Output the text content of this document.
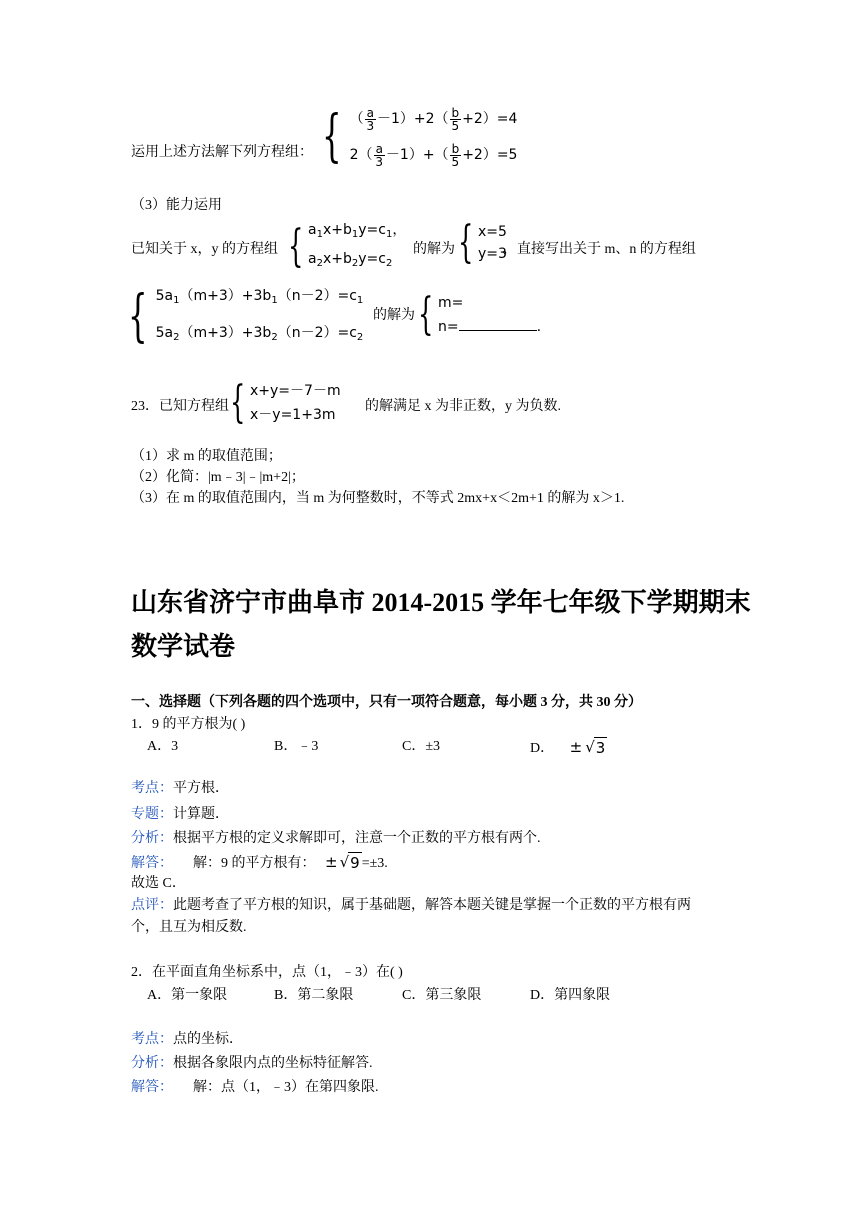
运用上述方法解下列方程组： { （ $\frac{a}{3} -1)+2( \frac{b}{5} +2)=4$
$2( \frac{a}{3} -1)+( \frac{b}{5} +2)=5$
（3）能力运用
已知关于 x，y 的方程组 { $a_1x+b_1y=c_1$，
$a_2x+b_2y=c_2$
的解为 { x=5
y=3
，直接写出关于 m、n 的方程组
{ $5a_1(m+3)+3b_1(n-2)=c_1$
$5a_2(m+3)+3b_2(n-2)=c_2$
的解为 { m=
n=	.
23．已知方程组 { x+y=－7－m
x－y=1+3m
的解满足 x 为非正数，y 为负数.
（1）求 m 的取值范围；
（2）化简：|m﹣3|﹣|m+2|；
（3）在 m 的取值范围内，当 m 为何整数时，不等式 2mx+x＜2m+1 的解为 x＞1.
山东省济宁市曲阜市 2014-2015 学年七年级下学期期末
数学试卷
一、选择题（下列各题的四个选项中，只有一项符合题意，每小题 3 分，共 30 分）
1．9 的平方根为( )
A．3	B．﹣3	C．±3	D． ± √ 3
考点：平方根．
专题：计算题．
分析：根据平方根的定义求解即可，注意一个正数的平方根有两个.
解答： 解：9 的平方根有： ± √ 9 =±3.
故选 C．
点评：此题考查了平方根的知识，属于基础题，解答本题关键是掌握一个正数的平方根有两
个，且互为相反数.
2．在平面直角坐标系中，点（1，﹣3）在( )
A．第一象限	B．第二象限	C．第三象限	D．第四象限
考点：点的坐标．
分析：根据各象限内点的坐标特征解答.
解答： 解：点（1，﹣3）在第四象限.
